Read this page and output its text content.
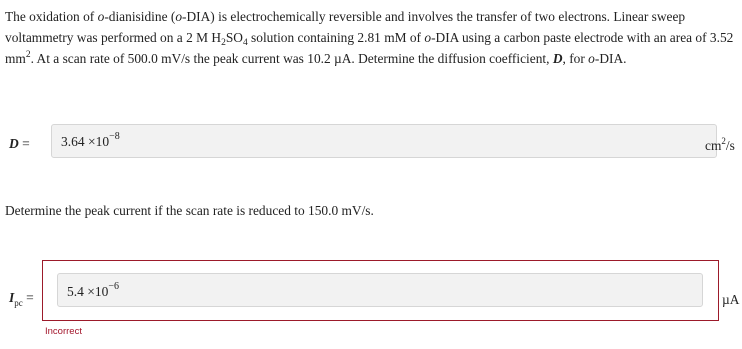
The oxidation of o-dianisidine (o-DIA) is electrochemically reversible and involves the transfer of two electrons. Linear sweep voltammetry was performed on a 2 M $H_2SO_4$ solution containing 2.81 mM of o-DIA using a carbon paste electrode with an area of 3.52 $mm^2$. At a scan rate of 500.0 mV/s the peak current was 10.2 µA. Determine the diffusion coefficient, D, for o-DIA.
$D = 3.64 \times 10^{-8}$
$cm^2/s$
Determine the peak current if the scan rate is reduced to 150.0 mV/s.
$I_{pc} = 5.4 \times 10^{-6}$
µA
Incorrect
